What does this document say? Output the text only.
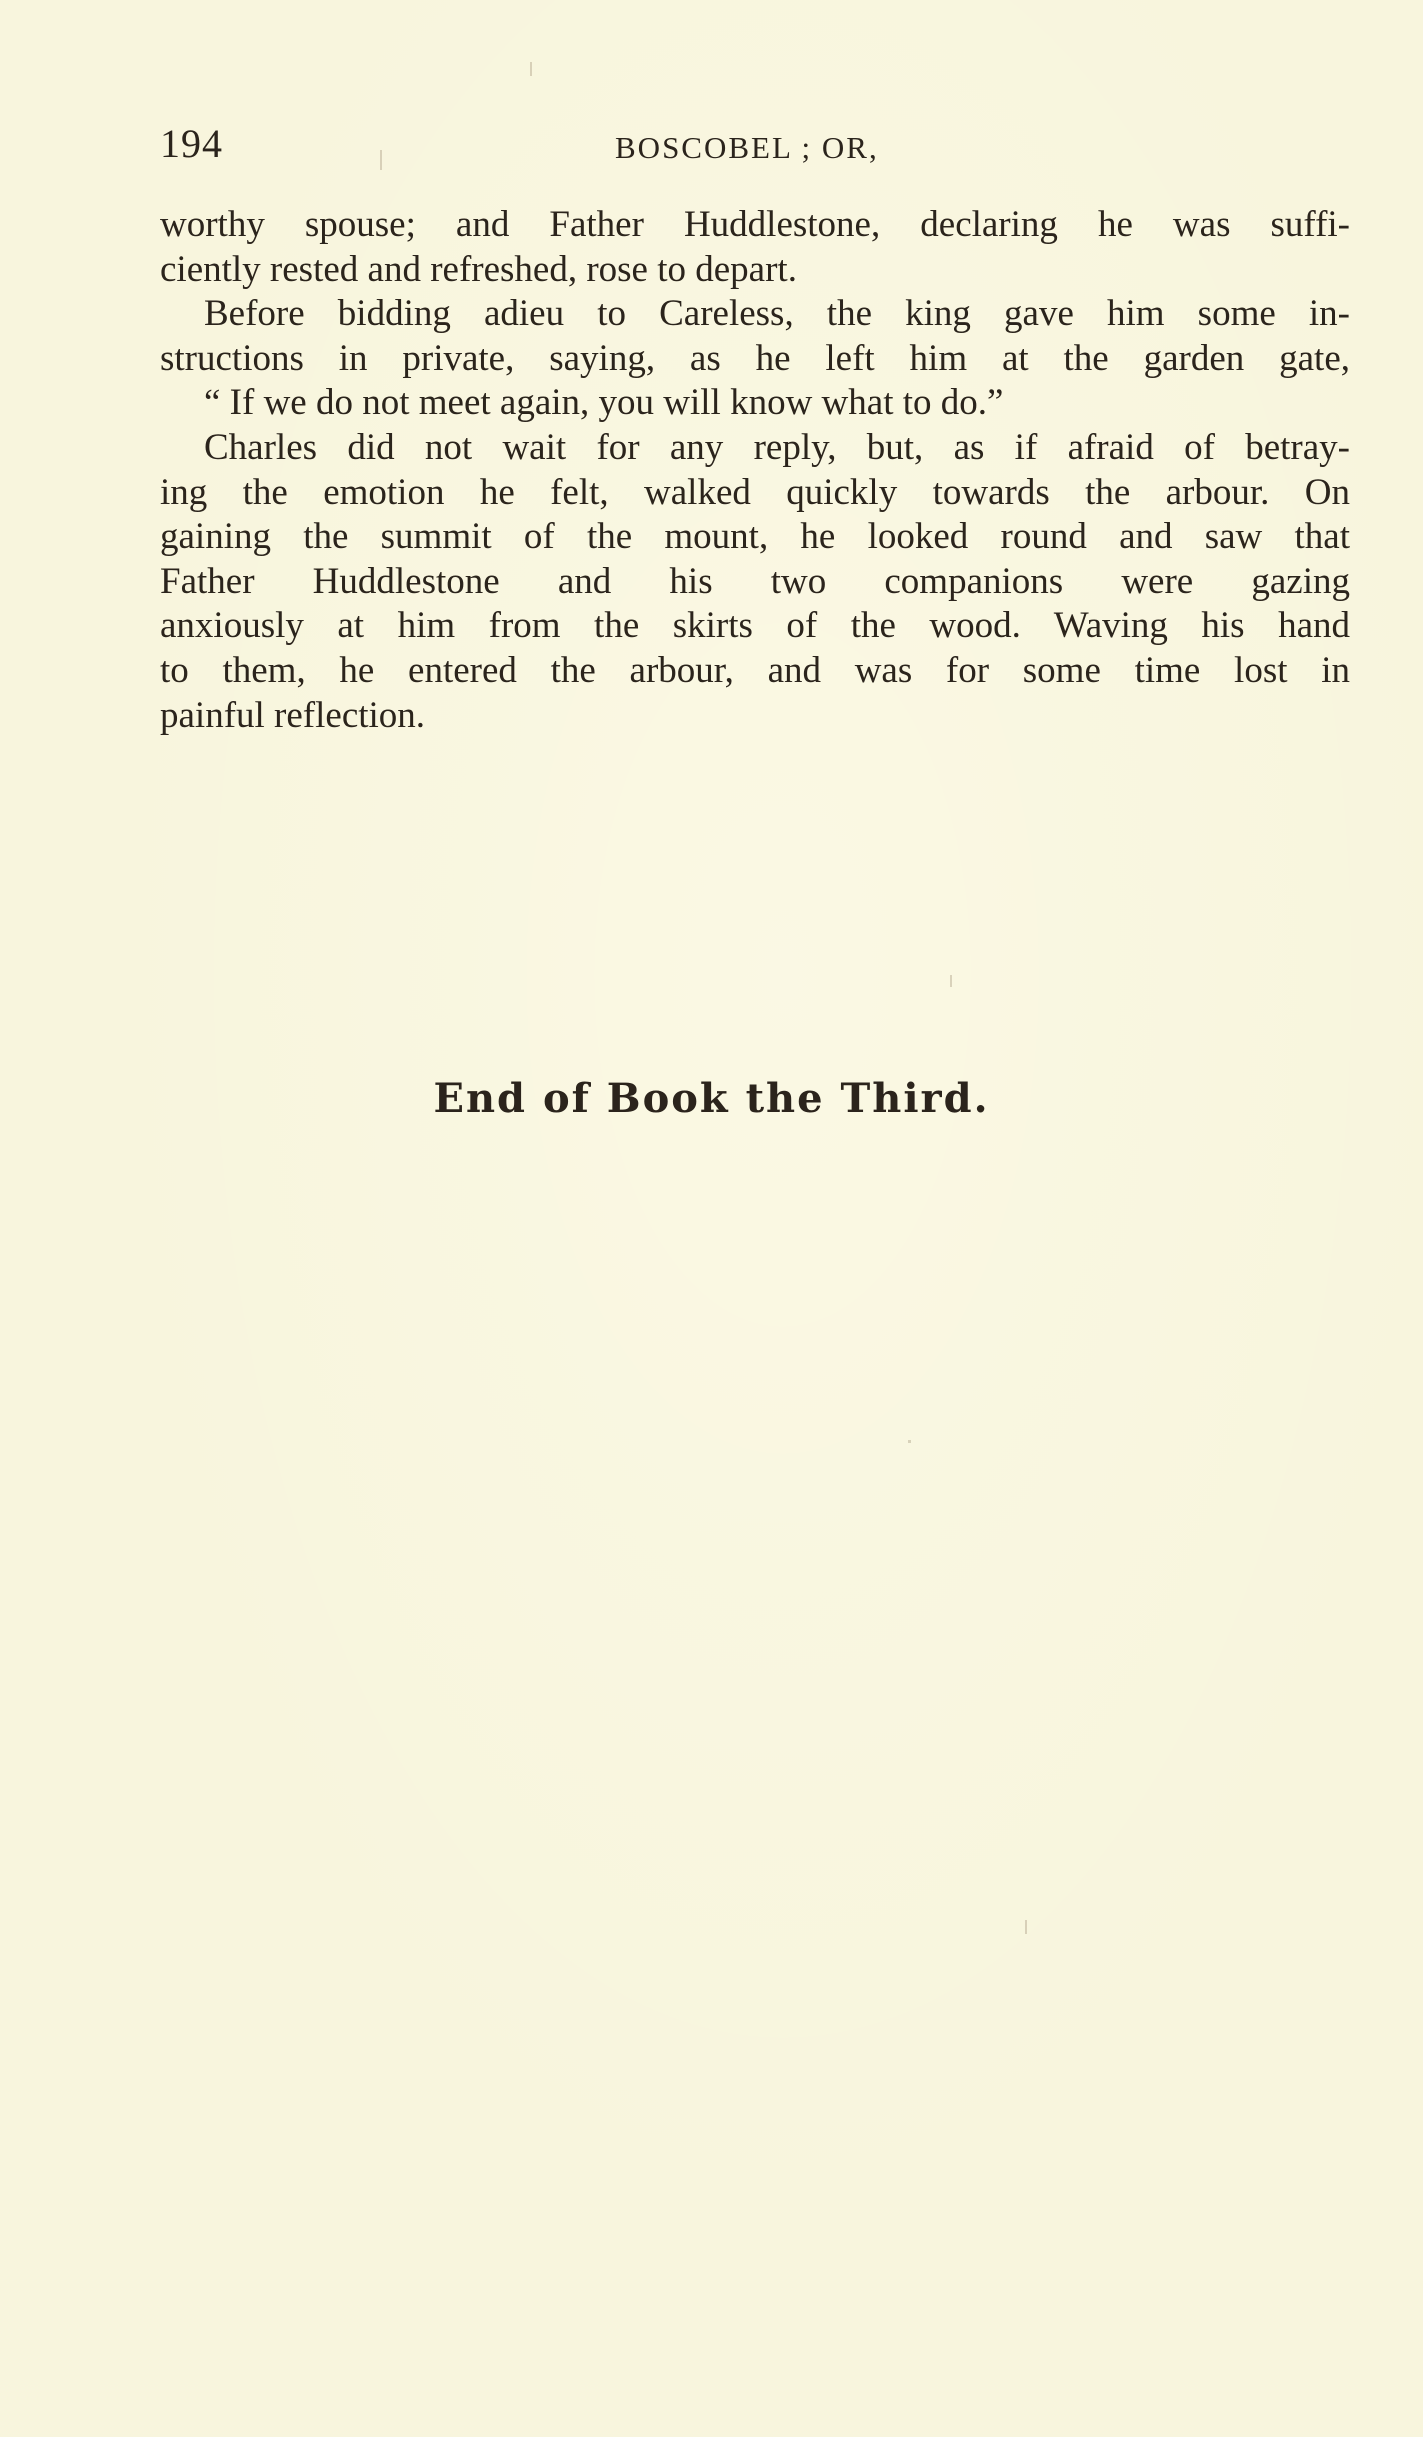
194	BOSCOBEL ; OR,

worthy spouse; and Father Huddlestone, declaring he was suffi-
ciently rested and refreshed, rose to depart.

Before bidding adieu to Careless, the king gave him some in-
structions in private, saying, as he left him at the garden gate,

“ If we do not meet again, you will know what to do.”

Charles did not wait for any reply, but, as if afraid of betray-
ing the emotion he felt, walked quickly towards the arbour. On
gaining the summit of the mount, he looked round and saw that
Father Huddlestone and his two companions were gazing
anxiously at him from the skirts of the wood. Waving his hand
to them, he entered the arbour, and was for some time lost in
painful reflection.

End of Book the Third.
